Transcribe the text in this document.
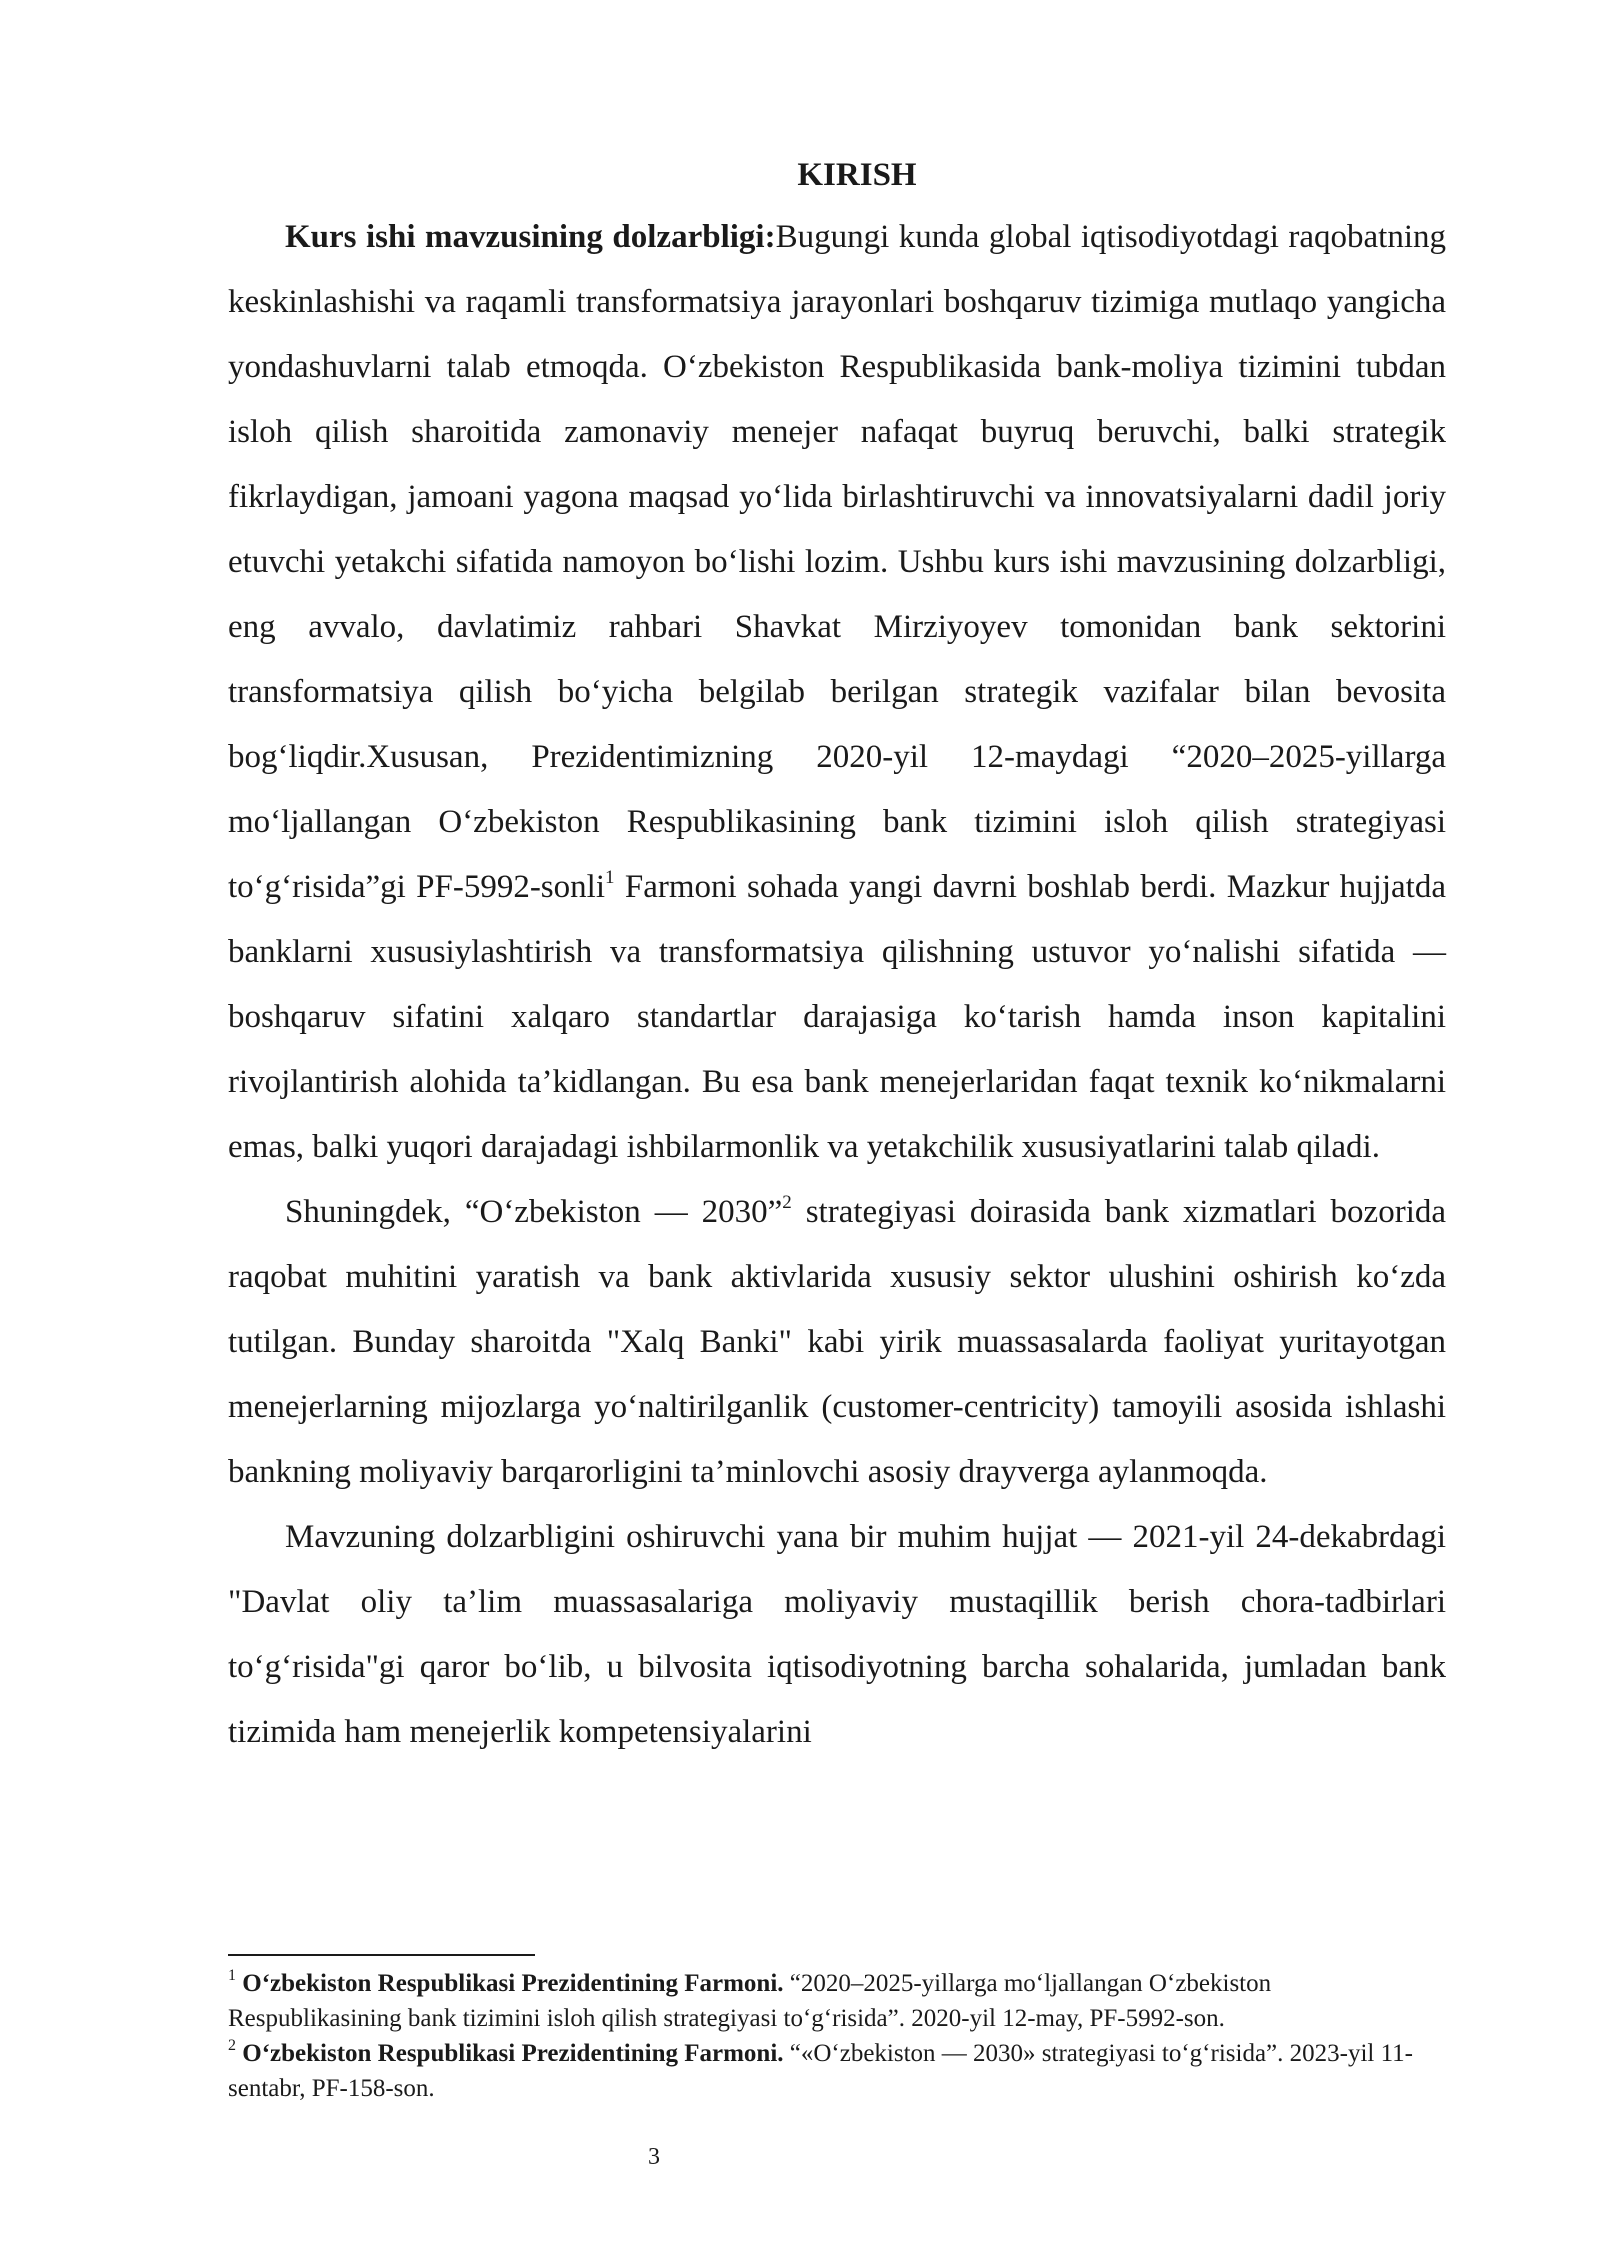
KIRISH

Kurs ishi mavzusining dolzarbligi:Bugungi kunda global iqtisodiyotdagi raqobatning keskinlashishi va raqamli transformatsiya jarayonlari boshqaruv tizimiga mutlaqo yangicha yondashuvlarni talab etmoqda. O‘zbekiston Respublikasida bank-moliya tizimini tubdan isloh qilish sharoitida zamonaviy menejer nafaqat buyruq beruvchi, balki strategik fikrlaydigan, jamoani yagona maqsad yo‘lida birlashtiruvchi va innovatsiyalarni dadil joriy etuvchi yetakchi sifatida namoyon bo‘lishi lozim. Ushbu kurs ishi mavzusining dolzarbligi, eng avvalo, davlatimiz rahbari Shavkat Mirziyoyev tomonidan bank sektorini transformatsiya qilish bo‘yicha belgilab berilgan strategik vazifalar bilan bevosita bog‘liqdir.Xususan, Prezidentimizning 2020-yil 12-maydagi “2020–2025-yillarga mo‘ljallangan O‘zbekiston Respublikasining bank tizimini isloh qilish strategiyasi to‘g‘risida”gi PF-5992-sonli$^1$ Farmoni sohada yangi davrni boshlab berdi. Mazkur hujjatda banklarni xususiylashtirish va transformatsiya qilishning ustuvor yo‘nalishi sifatida — boshqaruv sifatini xalqaro standartlar darajasiga ko‘tarish hamda inson kapitalini rivojlantirish alohida ta’kidlangan. Bu esa bank menejerlaridan faqat texnik ko‘nikmalarni emas, balki yuqori darajadagi ishbilarmonlik va yetakchilik xususiyatlarini talab qiladi.

Shuningdek, “O‘zbekiston — 2030”$^2$ strategiyasi doirasida bank xizmatlari bozorida raqobat muhitini yaratish va bank aktivlarida xususiy sektor ulushini oshirish ko‘zda tutilgan. Bunday sharoitda "Xalq Banki" kabi yirik muassasalarda faoliyat yuritayotgan menejerlarning mijozlarga yo‘naltirilganlik (customer-centricity) tamoyili asosida ishlashi bankning moliyaviy barqarorligini ta’minlovchi asosiy drayverga aylanmoqda.

Mavzuning dolzarbligini oshiruvchi yana bir muhim hujjat — 2021-yil 24-dekabrdagi "Davlat oliy ta’lim muassasalariga moliyaviy mustaqillik berish chora-tadbirlari to‘g‘risida"gi qaror bo‘lib, u bilvosita iqtisodiyotning barcha sohalarida, jumladan bank tizimida ham menejerlik kompetensiyalarini

$^1$ O‘zbekiston Respublikasi Prezidentining Farmoni. “2020–2025-yillarga mo‘ljallangan O‘zbekiston Respublikasining bank tizimini isloh qilish strategiyasi to‘g‘risida”. 2020-yil 12-may, PF-5992-son.

$^2$ O‘zbekiston Respublikasi Prezidentining Farmoni. “«O‘zbekiston — 2030» strategiyasi to‘g‘risida”. 2023-yil 11-sentabr, PF-158-son.

3
